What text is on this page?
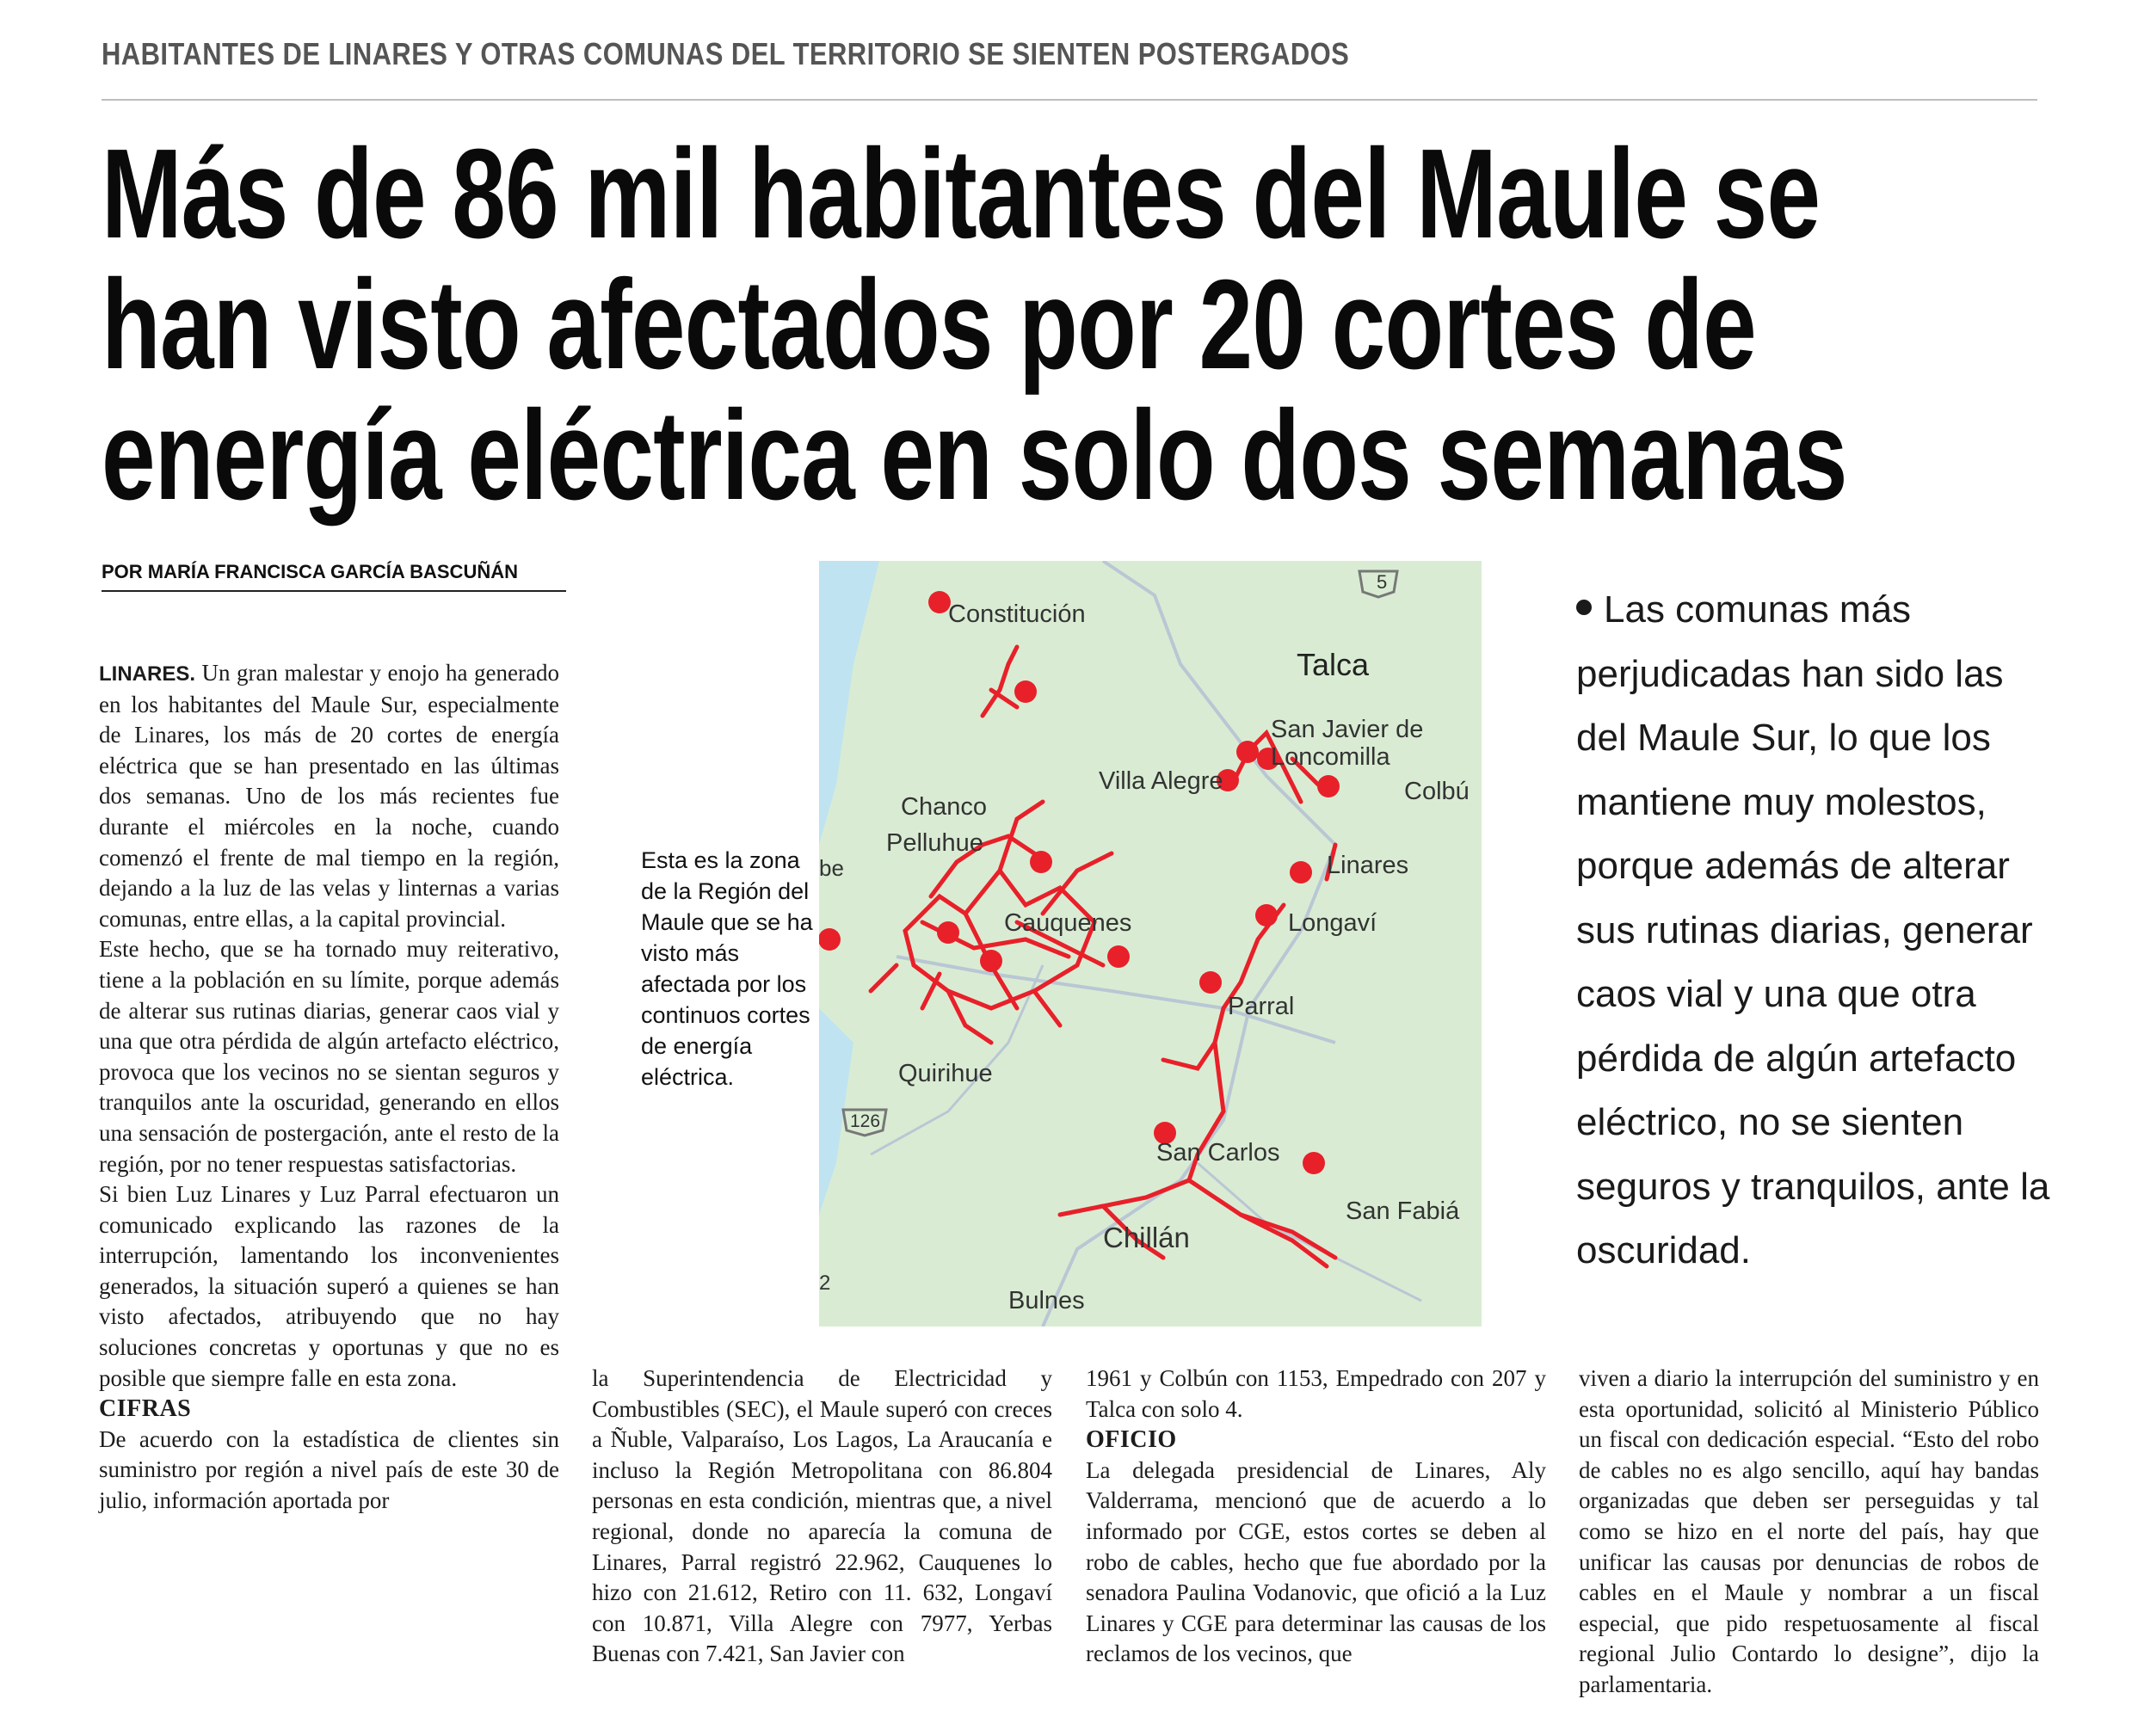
HABITANTES DE LINARES Y OTRAS COMUNAS DEL TERRITORIO SE SIENTEN POSTERGADOS
Más de 86 mil habitantes del Maule se
han visto afectados por 20 cortes de
energía eléctrica en solo dos semanas
POR MARÍA FRANCISCA GARCÍA BASCUÑÁN

LINARES. Un gran malestar y enojo ha generado en los habitantes del Maule Sur, especialmente de Linares, los más de 20 cortes de energía eléctrica que se han presentado en las últimas dos semanas. Uno de los más recientes fue durante el miércoles en la noche, cuando comenzó el frente de mal tiempo en la región, dejando a la luz de las velas y linternas a varias comunas, entre ellas, a la capital provincial.

Este hecho, que se ha tornado muy reiterativo, tiene a la población en su límite, porque además de alterar sus rutinas diarias, generar caos vial y una que otra pérdida de algún artefacto eléctrico, provoca que los vecinos no se sientan seguros y tranquilos ante la oscuridad, generando en ellos una sensación de postergación, ante el resto de la región, por no tener respuestas satisfactorias.

Si bien Luz Linares y Luz Parral efectuaron un comunicado explicando las razones de la interrupción, lamentando los inconvenientes generados, la situación superó a quienes se han visto afectados, atribuyendo que no hay soluciones concretas y oportunas y que no es posible que siempre falle en esta zona.

CIFRAS

De acuerdo con la estadística de clientes sin suministro por región a nivel país de este 30 de julio, información aportada por

la Superintendencia de Electricidad y Combustibles (SEC), el Maule superó con creces a Ñuble, Valparaíso, Los Lagos, La Araucanía e incluso la Región Metropolitana con 86.804 personas en esta condición, mientras que, a nivel regional, donde no aparecía la comuna de Linares, Parral registró 22.962, Cauquenes lo hizo con 21.612, Retiro con 11. 632, Longaví con 10.871, Villa Alegre con 7977, Yerbas Buenas con 7.421, San Javier con

1961 y Colbún con 1153, Empedrado con 207 y Talca con solo 4.

OFICIO

La delegada presidencial de Linares, Aly Valderrama, mencionó que de acuerdo a lo informado por CGE, estos cortes se deben al robo de cables, hecho que fue abordado por la senadora Paulina Vodanovic, que ofició a la Luz Linares y CGE para determinar las causas de los reclamos de los vecinos, que

viven a diario la interrupción del suministro y en esta oportunidad, solicitó al Ministerio Público un fiscal con dedicación especial. “Esto del robo de cables no es algo sencillo, aquí hay bandas organizadas que deben ser perseguidas y tal como se hizo en el norte del país, hay que unificar las causas por denuncias de robos de cables en el Maule y nombrar a un fiscal especial, que pido respetuosamente al fiscal regional Julio Contardo lo designe”, dijo la parlamentaria.

Esta es la zona de la Región del Maule que se ha visto más afectada por los continuos cortes de energía eléctrica.
5
126
2
be
Constitución
Talca
San Javier de
Loncomilla
Villa Alegre	Colbú
Chanco
Pelluhue
Linares
Cauquenes	Longaví
Parral
Quirihue
San Carlos
San Fabiá
Chillán
Bulnes
Las comunas más perjudicadas han sido las del Maule Sur, lo que los mantiene muy molestos, porque además de alterar sus rutinas diarias, generar caos vial y una que otra pérdida de algún artefacto eléctrico, no se sienten seguros y tranquilos, ante la oscuridad.
